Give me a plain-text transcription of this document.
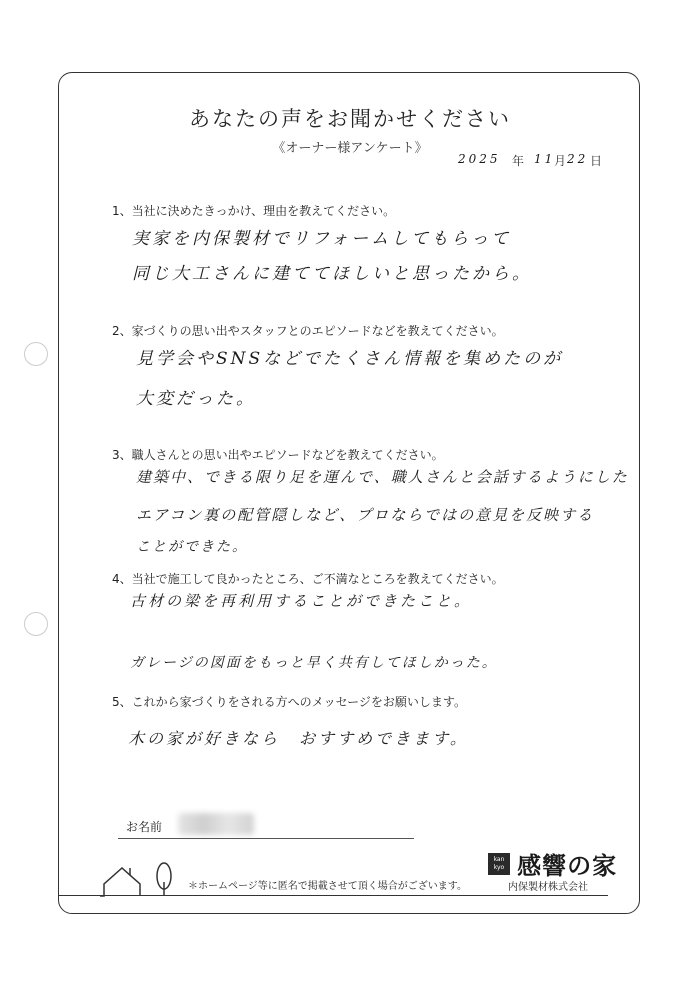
あなたの声をお聞かせください
《オーナー様アンケート》
2025 年 11
月 22 日
1、当社に決めたきっかけ、理由を教えてください。
実家を内保製材でリフォームしてもらって
同じ大工さんに建ててほしいと思ったから。
2、家づくりの思い出やスタッフとのエピソードなどを教えてください。
見学会やSNSなどでたくさん情報を集めたのが
大変だった。
3、職人さんとの思い出やエピソードなどを教えてください。
建築中、できる限り足を運んで、職人さんと会話するようにした
エアコン裏の配管隠しなど、プロならではの意見を反映する
ことができた。
4、当社で施工して良かったところ、ご不満なところを教えてください。
古材の梁を再利用することができたこと。
ガレージの図面をもっと早く共有してほしかった。
5、これから家づくりをされる方へのメッセージをお願いします。
木の家が好きなら　おすすめできます。
お名前
＊ホームページ等に匿名で掲載させて頂く場合がございます。
kan
kyo 感響の家
内保製材株式会社
